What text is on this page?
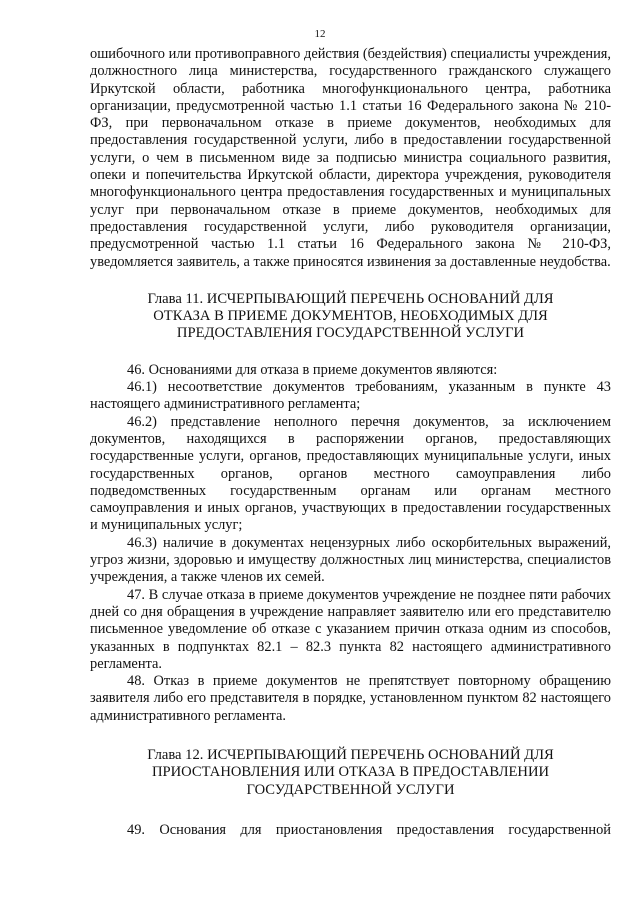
12

ошибочного или противоправного действия (бездействия) специалисты учреждения, должностного лица министерства, государственного гражданского служащего Иркутской области, работника многофункционального центра, работника организации, предусмотренной частью 1.1 статьи 16 Федерального закона № 210-ФЗ, при первоначальном отказе в приеме документов, необходимых для предоставления государственной услуги, либо в предоставлении государственной услуги, о чем в письменном виде за подписью министра социального развития, опеки и попечительства Иркутской области, директора учреждения, руководителя многофункционального центра предоставления государственных и муниципальных услуг при первоначальном отказе в приеме документов, необходимых для предоставления государственной услуги, либо руководителя организации, предусмотренной частью 1.1 статьи 16 Федерального закона № 210-ФЗ, уведомляется заявитель, а также приносятся извинения за доставленные неудобства.

Глава 11. ИСЧЕРПЫВАЮЩИЙ ПЕРЕЧЕНЬ ОСНОВАНИЙ ДЛЯ
ОТКАЗА В ПРИЕМЕ ДОКУМЕНТОВ, НЕОБХОДИМЫХ ДЛЯ
ПРЕДОСТАВЛЕНИЯ ГОСУДАРСТВЕННОЙ УСЛУГИ

46. Основаниями для отказа в приеме документов являются:

46.1) несоответствие документов требованиям, указанным в пункте 43 настоящего административного регламента;

46.2) представление неполного перечня документов, за исключением документов, находящихся в распоряжении органов, предоставляющих государственные услуги, органов, предоставляющих муниципальные услуги, иных государственных органов, органов местного самоуправления либо подведомственных государственным органам или органам местного самоуправления и иных органов, участвующих в предоставлении государственных и муниципальных услуг;

46.3) наличие в документах нецензурных либо оскорбительных выражений, угроз жизни, здоровью и имуществу должностных лиц министерства, специалистов учреждения, а также членов их семей.

47. В случае отказа в приеме документов учреждение не позднее пяти рабочих дней со дня обращения в учреждение направляет заявителю или его представителю письменное уведомление об отказе с указанием причин отказа одним из способов, указанных в подпунктах 82.1 – 82.3 пункта 82 настоящего административного регламента.

48. Отказ в приеме документов не препятствует повторному обращению заявителя либо его представителя в порядке, установленном пунктом 82 настоящего административного регламента.

Глава 12. ИСЧЕРПЫВАЮЩИЙ ПЕРЕЧЕНЬ ОСНОВАНИЙ ДЛЯ
ПРИОСТАНОВЛЕНИЯ ИЛИ ОТКАЗА В ПРЕДОСТАВЛЕНИИ
ГОСУДАРСТВЕННОЙ УСЛУГИ

49. Основания для приостановления предоставления государственной
